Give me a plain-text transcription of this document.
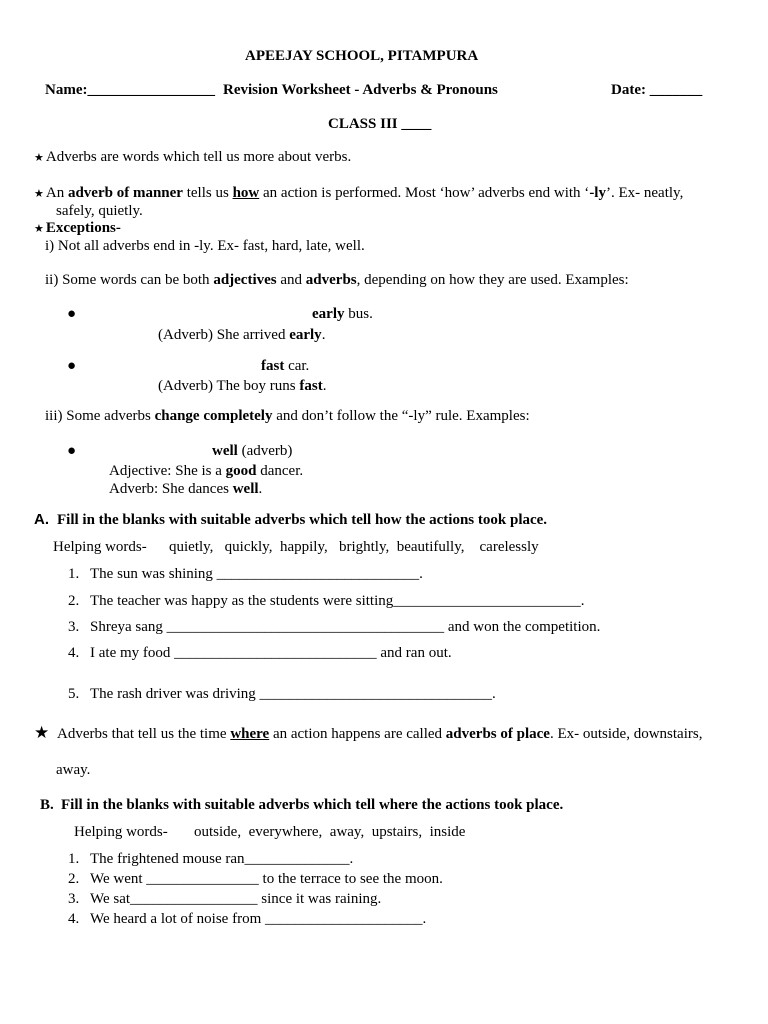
APEEJAY SCHOOL, PITAMPURA
Name:_________________ Revision Worksheet - Adverbs & Pronouns	Date: _______
CLASS III ____
★ Adverbs are words which tell us more about verbs.
★ An adverb of manner tells us how an action is performed. Most ‘how’ adverbs end with ‘-ly’. Ex- neatly,
safely, quietly.
★ Exceptions-
i) Not all adverbs end in -ly. Ex- fast, hard, late, well.
ii) Some words can be both adjectives and adverbs, depending on how they are used. Examples:
●	early bus.
(Adverb) She arrived early.
●	fast car.
(Adverb) The boy runs fast.
iii) Some adverbs change completely and don’t follow the “-ly” rule. Examples:
●	well (adverb)
Adjective: She is a good dancer.
Adverb: She dances well.
A. Fill in the blanks with suitable adverbs which tell how the actions took place.
Helping words- quietly,   quickly,  happily,   brightly,  beautifully,    carelessly
1. The sun was shining ___________________________.
2. The teacher was happy as the students were sitting_________________________.
3. Shreya sang _____________________________________ and won the competition.
4. I ate my food ___________________________ and ran out.
5. The rash driver was driving _______________________________.
★ Adverbs that tell us the time where an action happens are called adverbs of place. Ex- outside, downstairs,
away.
B. Fill in the blanks with suitable adverbs which tell where the actions took place.
Helping words- outside,  everywhere,  away,  upstairs,  inside
1. The frightened mouse ran______________.
2. We went _______________ to the terrace to see the moon.
3. We sat_________________ since it was raining.
4. We heard a lot of noise from _____________________.
